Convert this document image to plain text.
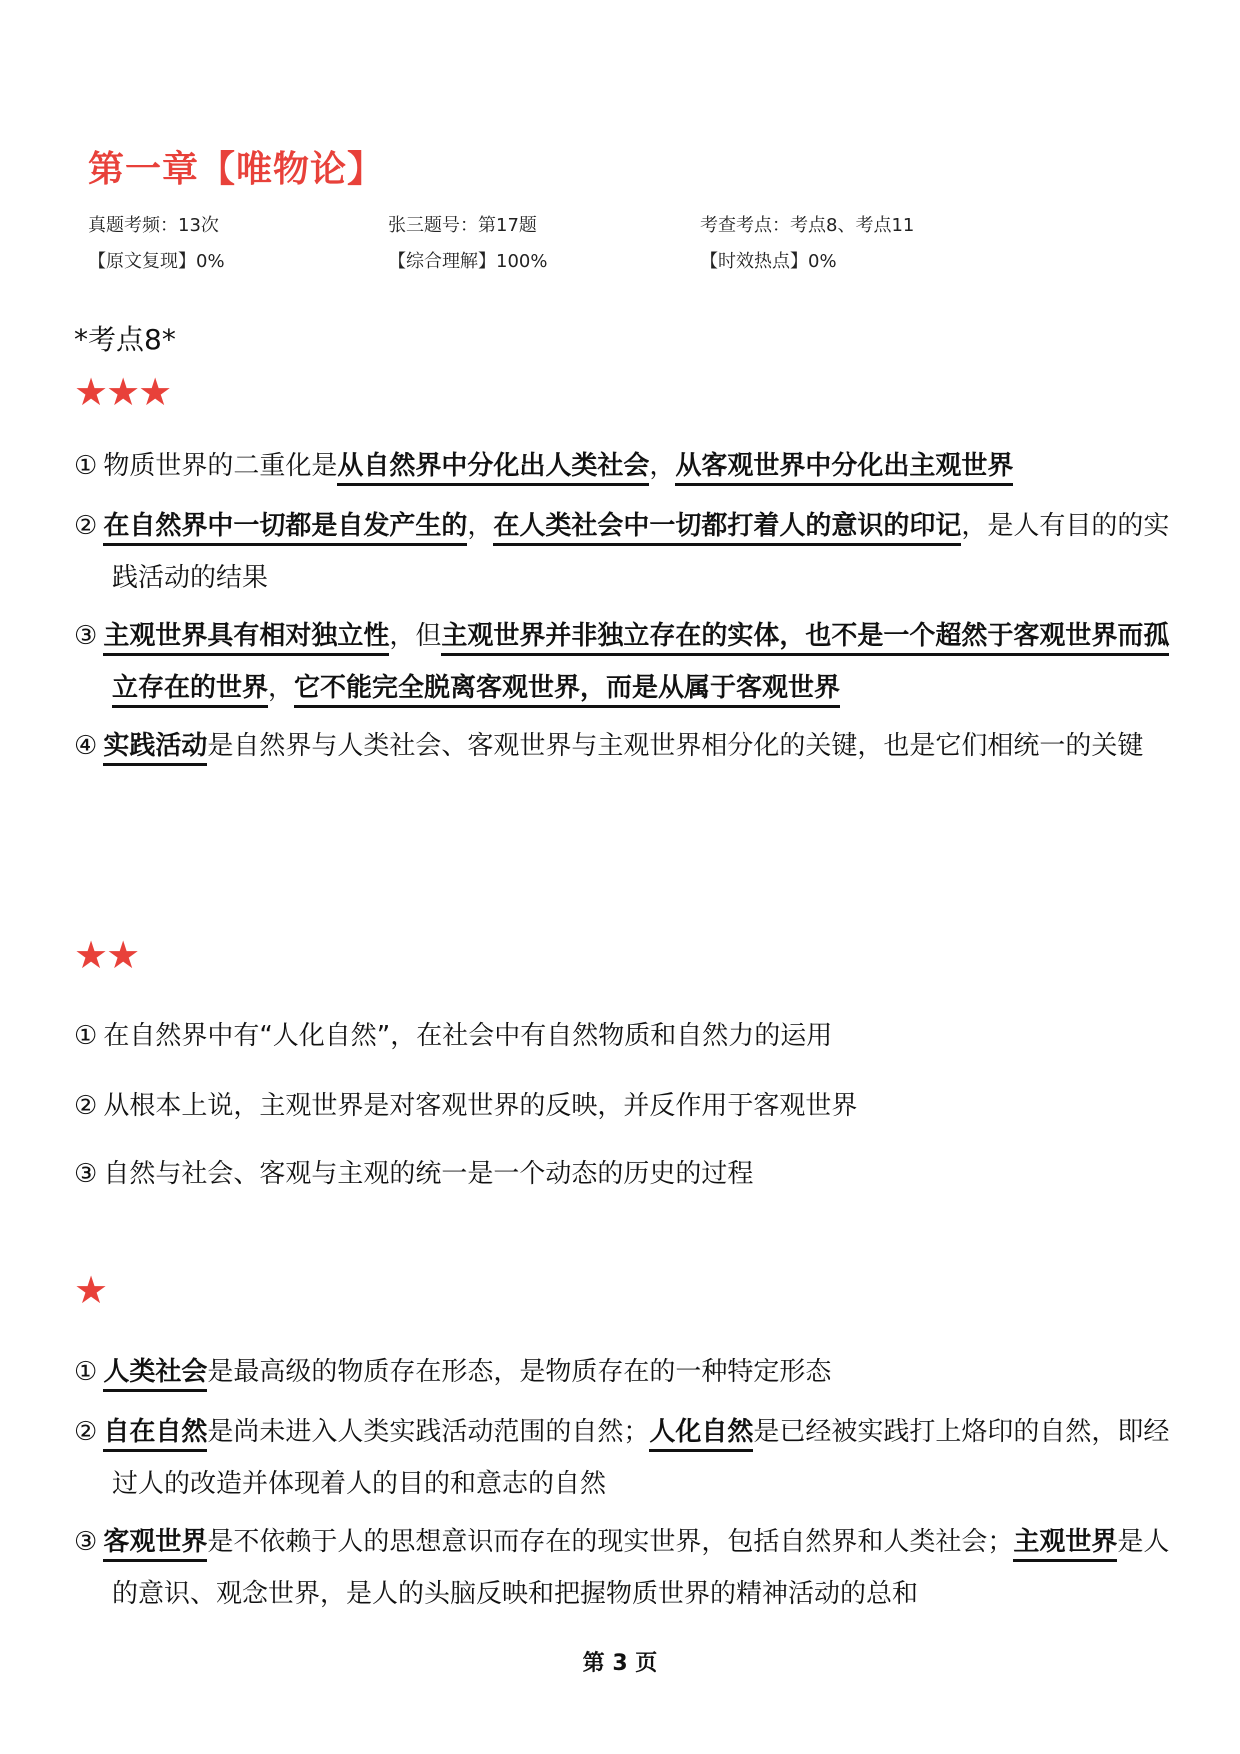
第一章【唯物论】
真题考频：13次	张三题号：第17题	考查考点：考点8、考点11
【原文复现】0%	【综合理解】100%	【时效热点】0%
*考点8*
★★★
① 物质世界的二重化是从自然界中分化出人类社会，从客观世界中分化出主观世界
② 在自然界中一切都是自发产生的，在人类社会中一切都打着人的意识的印记，是人有目的的实践活动的结果
③ 主观世界具有相对独立性，但主观世界并非独立存在的实体，也不是一个超然于客观世界而孤立存在的世界，它不能完全脱离客观世界，而是从属于客观世界
④ 实践活动是自然界与人类社会、客观世界与主观世界相分化的关键，也是它们相统一的关键
★★
① 在自然界中有“人化自然”，在社会中有自然物质和自然力的运用
② 从根本上说，主观世界是对客观世界的反映，并反作用于客观世界
③ 自然与社会、客观与主观的统一是一个动态的历史的过程
★
① 人类社会是最高级的物质存在形态，是物质存在的一种特定形态
② 自在自然是尚未进入人类实践活动范围的自然；人化自然是已经被实践打上烙印的自然，即经过人的改造并体现着人的目的和意志的自然
③ 客观世界是不依赖于人的思想意识而存在的现实世界，包括自然界和人类社会；主观世界是人的意识、观念世界，是人的头脑反映和把握物质世界的精神活动的总和
第 3 页
